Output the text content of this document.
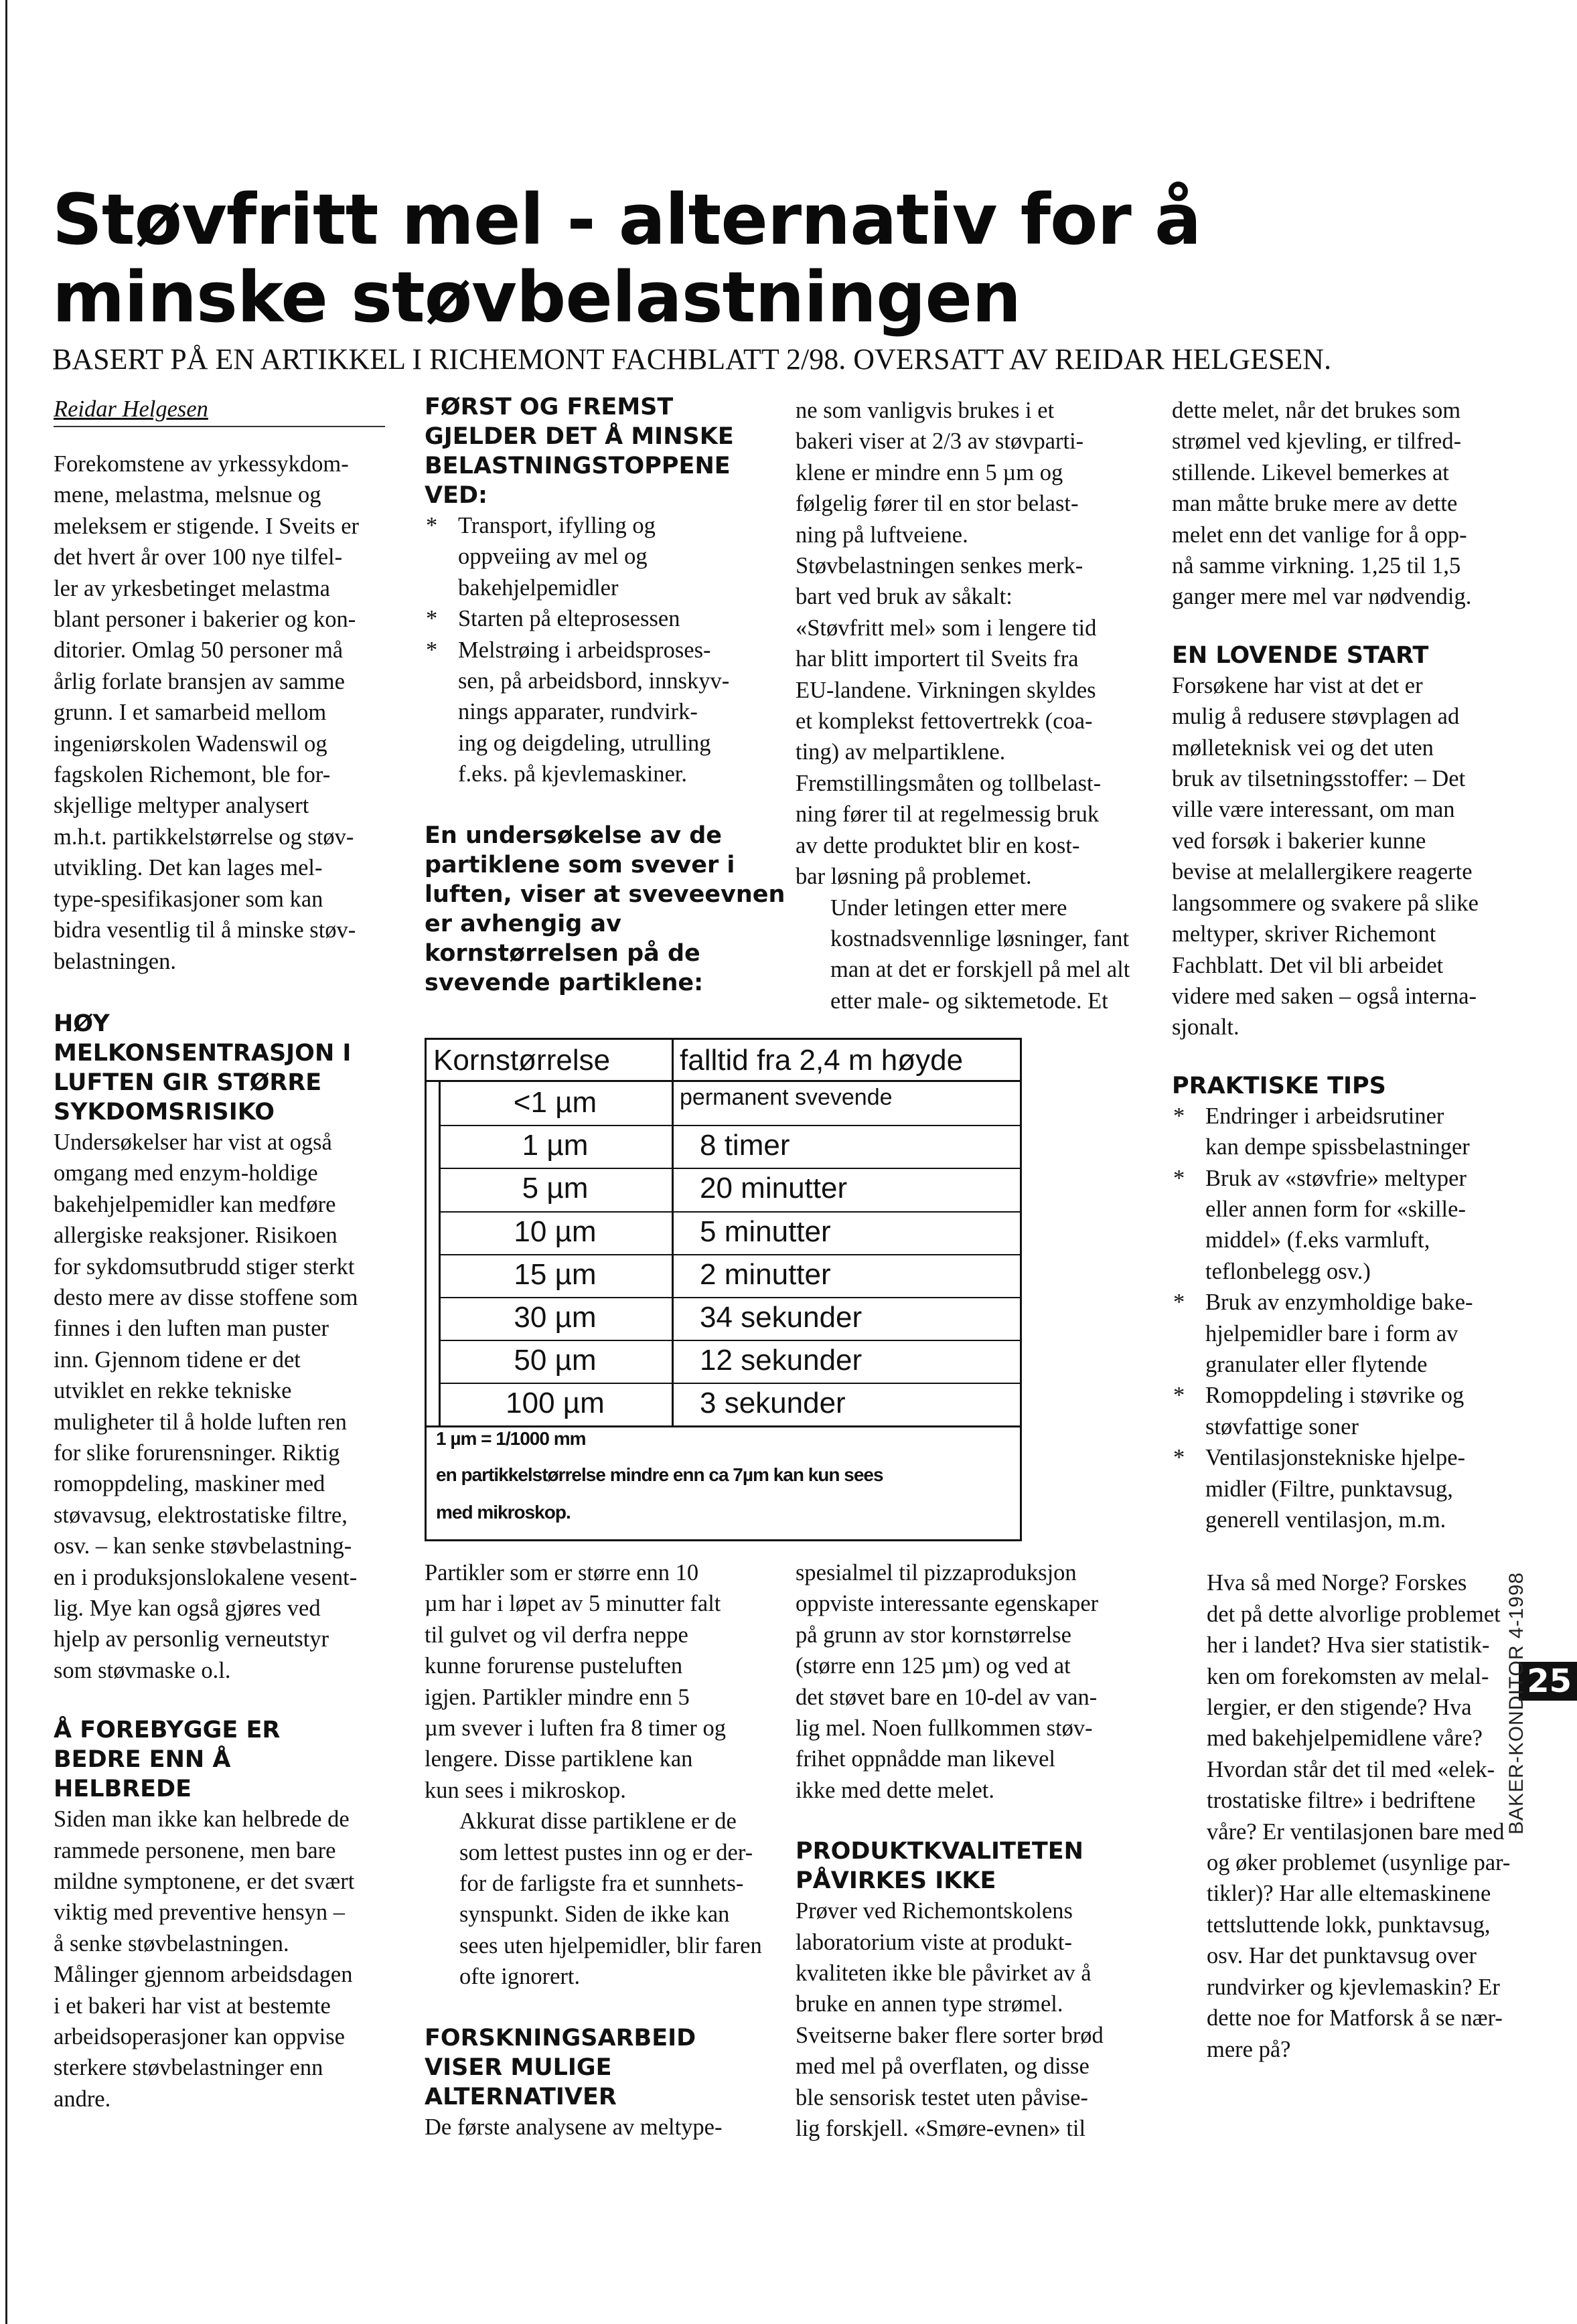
Støvfritt mel - alternativ for å
minske støvbelastningen
BASERT PÅ EN ARTIKKEL I RICHEMONT FACHBLATT 2/98. OVERSATT AV REIDAR HELGESEN.

Reidar Helgesen

Forekomstene av yrkessykdom-
mene, melastma, melsnue og
meleksem er stigende. I Sveits er
det hvert år over 100 nye tilfel-
ler av yrkesbetinget melastma
blant personer i bakerier og kon-
ditorier. Omlag 50 personer må
årlig forlate bransjen av samme
grunn. I et samarbeid mellom
ingeniørskolen Wadenswil og
fagskolen Richemont, ble for-
skjellige meltyper analysert
m.h.t. partikkelstørrelse og støv-
utvikling. Det kan lages mel-
type-spesifikasjoner som kan
bidra vesentlig til å minske støv-
belastningen.

HØY
MELKONSENTRASJON I
LUFTEN GIR STØRRE
SYKDOMSRISIKO

Undersøkelser har vist at også
omgang med enzym-holdige
bakehjelpemidler kan medføre
allergiske reaksjoner. Risikoen
for sykdomsutbrudd stiger sterkt
desto mere av disse stoffene som
finnes i den luften man puster
inn. Gjennom tidene er det
utviklet en rekke tekniske
muligheter til å holde luften ren
for slike forurensninger. Riktig
romoppdeling, maskiner med
støvavsug, elektrostatiske filtre,
osv. – kan senke støvbelastning-
en i produksjonslokalene vesent-
lig. Mye kan også gjøres ved
hjelp av personlig verneutstyr
som støvmaske o.l.

Å FOREBYGGE ER
BEDRE ENN Å
HELBREDE

Siden man ikke kan helbrede de
rammede personene, men bare
mildne symptonene, er det svært
viktig med preventive hensyn –
å senke støvbelastningen.
Målinger gjennom arbeidsdagen
i et bakeri har vist at bestemte
arbeidsoperasjoner kan oppvise
sterkere støvbelastninger enn
andre.

FØRST OG FREMST
GJELDER DET Å MINSKE
BELASTNINGSTOPPENE
VED:
* Transport, ifylling og
oppveiing av mel og
bakehjelpemidler
* Starten på elteprosessen
* Melstrøing i arbeidsproses-
sen, på arbeidsbord, innskyv-
nings apparater, rundvirk-
ing og deigdeling, utrulling
f.eks. på kjevlemaskiner.
En undersøkelse av de
partiklene som svever i
luften, viser at sveveevnen
er avhengig av
kornstørrelsen på de
svevende partiklene:

Partikler som er større enn 10
µm har i løpet av 5 minutter falt
til gulvet og vil derfra neppe
kunne forurense pusteluften
igjen. Partikler mindre enn 5
µm svever i luften fra 8 timer og
lengere. Disse partiklene kan
kun sees i mikroskop.

Akkurat disse partiklene er de
som lettest pustes inn og er der-
for de farligste fra et sunnhets-
synspunkt. Siden de ikke kan
sees uten hjelpemidler, blir faren
ofte ignorert.

FORSKNINGSARBEID
VISER MULIGE
ALTERNATIVER

De første analysene av meltype-

ne som vanligvis brukes i et
bakeri viser at 2/3 av støvparti-
klene er mindre enn 5 µm og
følgelig fører til en stor belast-
ning på luftveiene.
Støvbelastningen senkes merk-
bart ved bruk av såkalt:
«Støvfritt mel» som i lengere tid
har blitt importert til Sveits fra
EU-landene. Virkningen skyldes
et komplekst fettovertrekk (coa-
ting) av melpartiklene.
Fremstillingsmåten og tollbelast-
ning fører til at regelmessig bruk
av dette produktet blir en kost-
bar løsning på problemet.

Under letingen etter mere
kostnadsvennlige løsninger, fant
man at det er forskjell på mel alt
etter male- og siktemetode. Et

spesialmel til pizzaproduksjon
oppviste interessante egenskaper
på grunn av stor kornstørrelse
(større enn 125 µm) og ved at
det støvet bare en 10-del av van-
lig mel. Noen fullkommen støv-
frihet oppnådde man likevel
ikke med dette melet.

PRODUKTKVALITETEN
PÅVIRKES IKKE

Prøver ved Richemontskolens
laboratorium viste at produkt-
kvaliteten ikke ble påvirket av å
bruke en annen type strømel.
Sveitserne baker flere sorter brød
med mel på overflaten, og disse
ble sensorisk testet uten påvise-
lig forskjell. «Smøre-evnen» til

dette melet, når det brukes som
strømel ved kjevling, er tilfred-
stillende. Likevel bemerkes at
man måtte bruke mere av dette
melet enn det vanlige for å opp-
nå samme virkning. 1,25 til 1,5
ganger mere mel var nødvendig.

EN LOVENDE START

Forsøkene har vist at det er
mulig å redusere støvplagen ad
mølleteknisk vei og det uten
bruk av tilsetningsstoffer: – Det
ville være interessant, om man
ved forsøk i bakerier kunne
bevise at melallergikere reagerte
langsommere og svakere på slike
meltyper, skriver Richemont
Fachblatt. Det vil bli arbeidet
videre med saken – også interna-
sjonalt.

PRAKTISKE TIPS
* Endringer i arbeidsrutiner
kan dempe spissbelastninger
* Bruk av «støvfrie» meltyper
eller annen form for «skille-
middel» (f.eks varmluft,
teflonbelegg osv.)
* Bruk av enzymholdige bake-
hjelpemidler bare i form av
granulater eller flytende
* Romoppdeling i støvrike og
støvfattige soner
* Ventilasjonstekniske hjelpe-
midler (Filtre, punktavsug,
generell ventilasjon, m.m.

Hva så med Norge? Forskes
det på dette alvorlige problemet
her i landet? Hva sier statistik-
ken om forekomsten av melal-
lergier, er den stigende? Hva
med bakehjelpemidlene våre?
Hvordan står det til med «elek-
trostatiske filtre» i bedriftene
våre? Er ventilasjonen bare med
og øker problemet (usynlige par-
tikler)? Har alle eltemaskinene
tettsluttende lokk, punktavsug,
osv. Har det punktavsug over
rundvirker og kjevlemaskin? Er
dette noe for Matforsk å se nær-
mere på?

Kornstørrelse falltid fra 2,4 m høyde
<1 µm	permanent svevende
1 µm	8 timer
5 µm	20 minutter
10 µm	5 minutter
15 µm	2 minutter
30 µm	34 sekunder
50 µm	12 sekunder
100 µm	3 sekunder
1 µm = 1/1000 mm
en partikkelstørrelse mindre enn ca 7µm kan kun sees
med mikroskop.
25
BAKER-KONDITOR 4-1998
